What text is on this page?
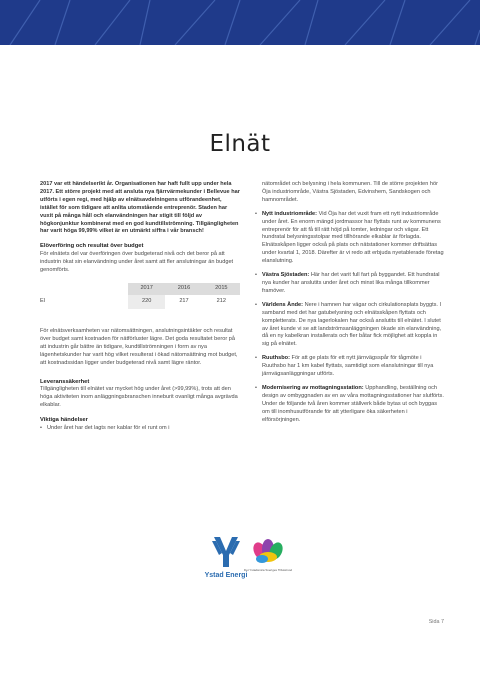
Elnät

2017 var ett händelserikt år. Organisationen har haft fullt upp under hela 2017. Ett större projekt med att ansluta nya fjärrvärmekunder i Bellevue har utförts i egen regi, med hjälp av elnätsavdelningens utförandeenhet, istället för som tidigare att anlita utomstående entreprenör. Staden har vuxit på många håll och elanvändningen har stigit till följd av högkonjunktur kombinerat med en god kundtillströmning. Tillgängligheten har varit höga 99,99% vilket är en utmärkt siffra i vår bransch!

Elöverföring och resultat över budget

För elnätets del var överföringen över budgeterad nivå och det beror på att industrin ökat sin elanvändning under året samt att fler anslutningar än budget genomförts.

	2017	2016	2015
El	220	217	212

För elnätsverksamheten var nätomsättningen, anslutningsintäkter och resultat över budget samt kostnaden för nätförluster lägre. Det goda resultatet beror på att industrin går bättre än tidigare, kundtillströmningen i form av nya lägenhetskunder har varit hög vilket resulterat i ökad nätomsättning mot budget, att kostnadssidan ligger under budgeterad nivå samt lägre räntor.

Leveranssäkerhet

Tillgängligheten till elnätet var mycket hög under året (>99,99%), trots att den höga aktiviteten inom anläggningsbranschen inneburit ovanligt många avgrävda elkablar.

Viktiga händelser
• Under året har det lagts ner kablar för el runt om i

nätområdet och belysning i hela kommunen. Till de större projekten hör Öja industriområde, Västra Sjöstaden, Edvinshem, Sandskogen och hamnområdet.

• Nytt industriområde: Vid Öja har det vuxit fram ett nytt industriområde under året. En enorm mängd jordmassor har flyttats runt av kommunens entreprenör för att få till rätt höjd på tomter, ledningar och vägar. Ett hundratal belysningsstolpar med tillhörande elkablar är förlagda. Elnätsskåpen ligger också på plats och nätstationer kommer driftsättas under kvartal 1, 2018. Därefter är vi redo att erbjuda nyetablerade företag elanslutning.
• Västra Sjöstaden: Här har det varit full fart på byggandet. Ett hundratal nya kunder har anslutits under året och minst lika många tillkommer framöver.
• Världens Ände: Nere i hamnen har vägar och cirkulationsplats byggts. I samband med det har gatubelysning och elnätsskåpen flyttats och kompletterats. De nya lagerlokalen har också anslutits till elnätet. I slutet av året kunde vi se att landströmsanläggningen ökade sin elanvändning, då en ny kabelkran installerats och fler båtar fick möjlighet att koppla in sig på elnätet.
• Ruuthsbo: För att ge plats för ett nytt järnvägsspår för tågmöte i Ruuthsbo har 1 km kabel flyttats, samtidigt som elanslutningar till nya järnvägsanläggningar utförts.
• Modernisering av mottagningsstation: Upphandling, beställning och design av ombyggnaden av en av våra mottagningsstationer har slutförts. Under de följande två åren kommer ställverk både bytas ut och byggas om till inomhusutförande för att ytterligare öka säkerheten i elförsörjningen.
Ystad Energi
Det Ystadsnära Sveriges Tillväxtnod
Sida 7
